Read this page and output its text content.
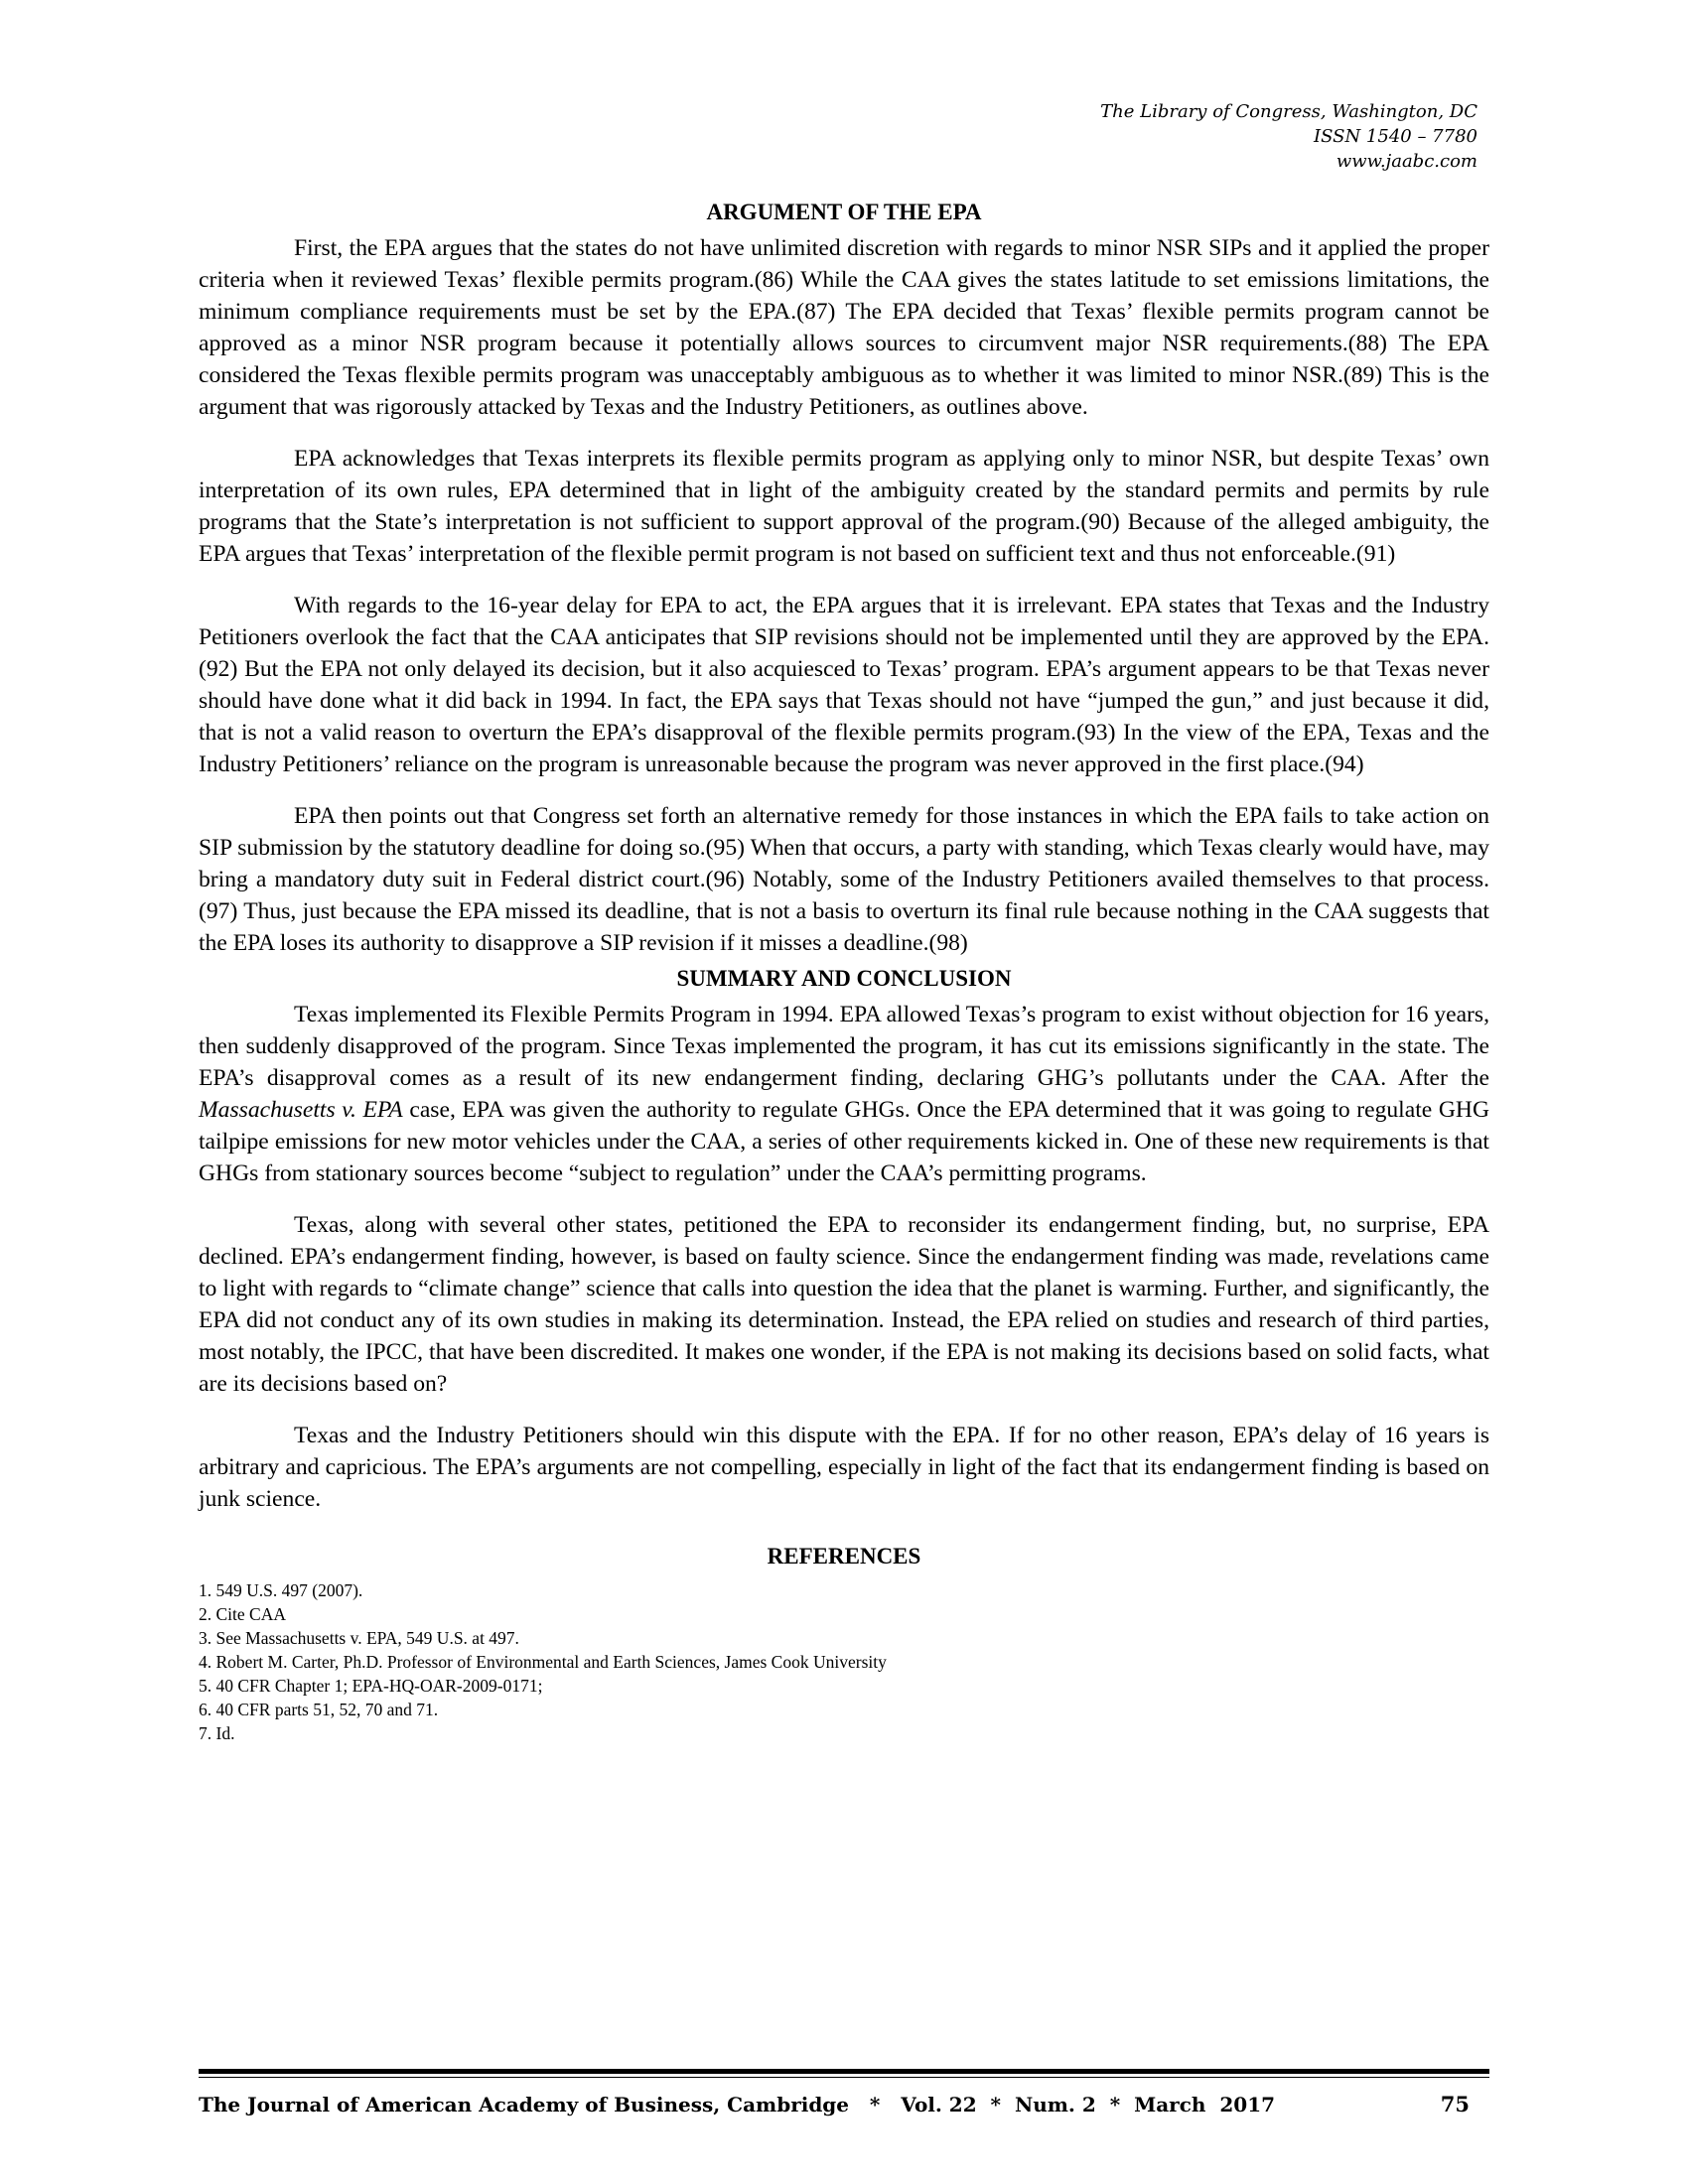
The Library of Congress, Washington, DC
ISSN 1540 – 7780
www.jaabc.com
ARGUMENT OF THE EPA

First, the EPA argues that the states do not have unlimited discretion with regards to minor NSR SIPs and it applied the proper criteria when it reviewed Texas’ flexible permits program.(86) While the CAA gives the states latitude to set emissions limitations, the minimum compliance requirements must be set by the EPA.(87) The EPA decided that Texas’ flexible permits program cannot be approved as a minor NSR program because it potentially allows sources to circumvent major NSR requirements.(88) The EPA considered the Texas flexible permits program was unacceptably ambiguous as to whether it was limited to minor NSR.(89) This is the argument that was rigorously attacked by Texas and the Industry Petitioners, as outlines above.

EPA acknowledges that Texas interprets its flexible permits program as applying only to minor NSR, but despite Texas’ own interpretation of its own rules, EPA determined that in light of the ambiguity created by the standard permits and permits by rule programs that the State’s interpretation is not sufficient to support approval of the program.(90) Because of the alleged ambiguity, the EPA argues that Texas’ interpretation of the flexible permit program is not based on sufficient text and thus not enforceable.(91)

With regards to the 16-year delay for EPA to act, the EPA argues that it is irrelevant. EPA states that Texas and the Industry Petitioners overlook the fact that the CAA anticipates that SIP revisions should not be implemented until they are approved by the EPA.(92) But the EPA not only delayed its decision, but it also acquiesced to Texas’ program. EPA’s argument appears to be that Texas never should have done what it did back in 1994. In fact, the EPA says that Texas should not have “jumped the gun,” and just because it did, that is not a valid reason to overturn the EPA’s disapproval of the flexible permits program.(93) In the view of the EPA, Texas and the Industry Petitioners’ reliance on the program is unreasonable because the program was never approved in the first place.(94)

EPA then points out that Congress set forth an alternative remedy for those instances in which the EPA fails to take action on SIP submission by the statutory deadline for doing so.(95) When that occurs, a party with standing, which Texas clearly would have, may bring a mandatory duty suit in Federal district court.(96) Notably, some of the Industry Petitioners availed themselves to that process. (97) Thus, just because the EPA missed its deadline, that is not a basis to overturn its final rule because nothing in the CAA suggests that the EPA loses its authority to disapprove a SIP revision if it misses a deadline.(98)

SUMMARY AND CONCLUSION

Texas implemented its Flexible Permits Program in 1994. EPA allowed Texas’s program to exist without objection for 16 years, then suddenly disapproved of the program. Since Texas implemented the program, it has cut its emissions significantly in the state. The EPA’s disapproval comes as a result of its new endangerment finding, declaring GHG’s pollutants under the CAA. After the Massachusetts v. EPA case, EPA was given the authority to regulate GHGs. Once the EPA determined that it was going to regulate GHG tailpipe emissions for new motor vehicles under the CAA, a series of other requirements kicked in. One of these new requirements is that GHGs from stationary sources become “subject to regulation” under the CAA’s permitting programs.

Texas, along with several other states, petitioned the EPA to reconsider its endangerment finding, but, no surprise, EPA declined. EPA’s endangerment finding, however, is based on faulty science. Since the endangerment finding was made, revelations came to light with regards to “climate change” science that calls into question the idea that the planet is warming. Further, and significantly, the EPA did not conduct any of its own studies in making its determination. Instead, the EPA relied on studies and research of third parties, most notably, the IPCC, that have been discredited. It makes one wonder, if the EPA is not making its decisions based on solid facts, what are its decisions based on?

Texas and the Industry Petitioners should win this dispute with the EPA. If for no other reason, EPA’s delay of 16 years is arbitrary and capricious. The EPA’s arguments are not compelling, especially in light of the fact that its endangerment finding is based on junk science.

REFERENCES
1. 549 U.S. 497 (2007).
2. Cite CAA
3. See Massachusetts v. EPA, 549 U.S. at 497.
4. Robert M. Carter, Ph.D. Professor of Environmental and Earth Sciences, James Cook University
5. 40 CFR Chapter 1; EPA-HQ-OAR-2009-0171;
6. 40 CFR parts 51, 52, 70 and 71.
7. Id.
The Journal of American Academy of Business, Cambridge   *   Vol. 22  *  Num. 2  *  March  2017	75
